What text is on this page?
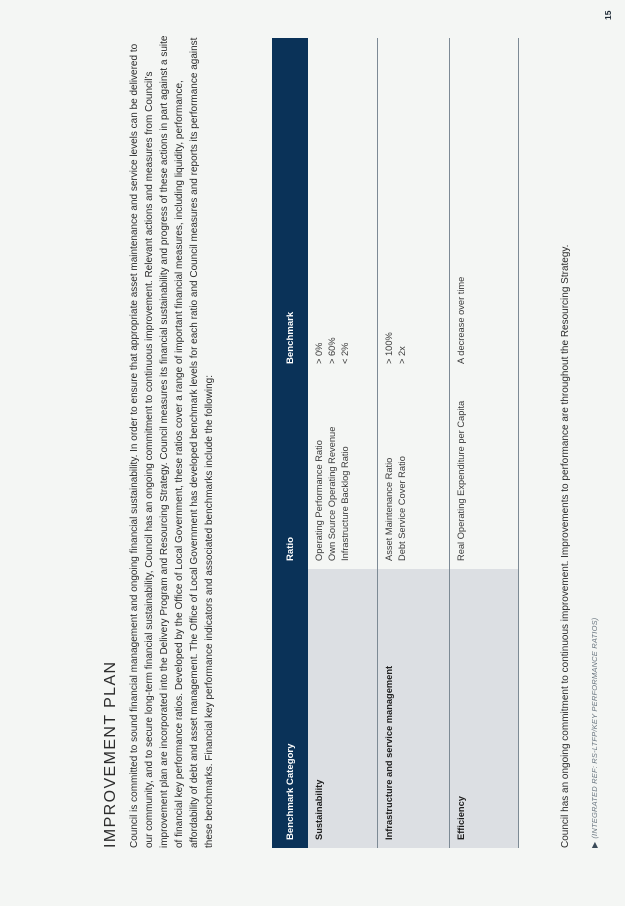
IMPROVEMENT PLAN Council is committed to sound financial management and ongoing financial sustainability. In order to ensure that appropriate asset maintenance and service levels can be delivered to our community, and to secure long-term financial sustainability, Council has an ongoing commitment to continuous improvement. Relevant actions and measures from Council’s improvement plan are incorporated into the Delivery Program and Resourcing Strategy. Council measures its financial sustainability and progress of these actions in part against a suite of financial key performance ratios. Developed by the Office of Local Government, these ratios cover a range of important financial measures, including liquidity, performance, affordability of debt and asset management. The Office of Local Government has developed benchmark levels for each ratio and Council measures and reports its performance against these benchmarks. Financial key performance indicators and associated benchmarks include the following:	Benchmark Category	Ratio	Benchmark
Sustainability	Operating Performance Ratio Own Source Operating Revenue Infrastructure Backlog Ratio	> 0% > 60% < 2%

Infrastructure and service management	Asset Maintenance Ratio Debt Service Cover Ratio	> 100% > 2x

Efficiency	Real Operating Expenditure per Capita	A decrease over time	Council has an ongoing commitment to continuous improvement. Improvements to performance are throughout the Resourcing Strategy. ▶(INTEGRATED REF: RS-LTFP/KEY PERFORMANCE RATIOS)
15
